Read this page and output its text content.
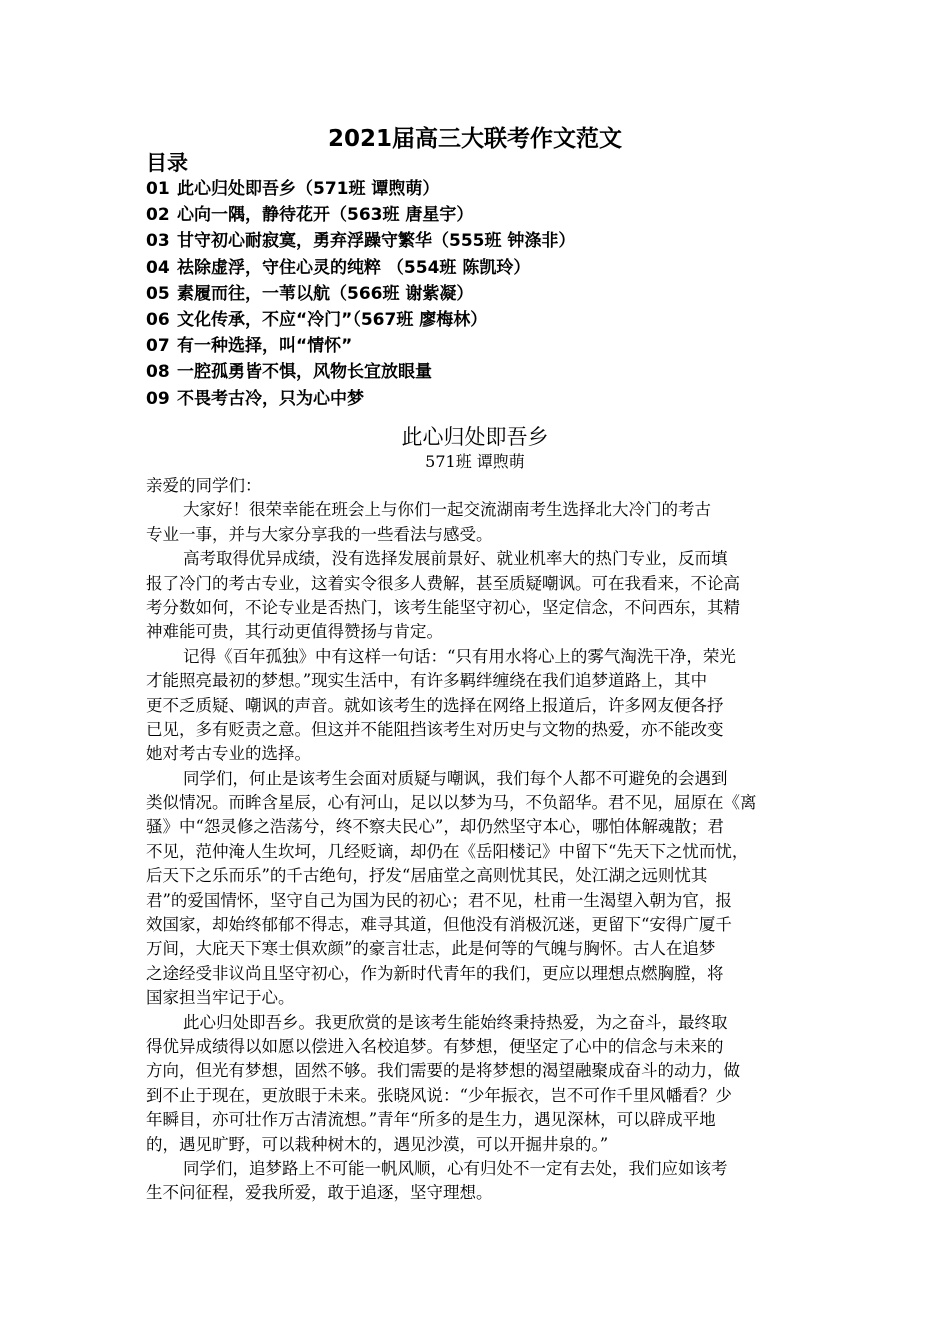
2021届高三大联考作文范文
目录
01 此心归处即吾乡（571班 谭煦萌）
02 心向一隅，静待花开（563班 唐星宇）
03 甘守初心耐寂寞，勇弃浮躁守繁华（555班 钟涤非）
04 祛除虚浮，守住心灵的纯粹 （554班 陈凯玲）
05 素履而往，一苇以航（566班 谢紫凝）
06 文化传承，不应“冷门”（567班 廖梅林）
07 有一种选择，叫“情怀”
08 一腔孤勇皆不惧，风物长宜放眼量
09 不畏考古冷，只为心中梦
此心归处即吾乡
571班 谭煦萌

亲爱的同学们：

大家好！很荣幸能在班会上与你们一起交流湖南考生选择北大冷门的考古
专业一事，并与大家分享我的一些看法与感受。
高考取得优异成绩，没有选择发展前景好、就业机率大的热门专业，反而填
报了冷门的考古专业，这着实令很多人费解，甚至质疑嘲讽。可在我看来，不论高
考分数如何，不论专业是否热门，该考生能坚守初心，坚定信念，不问西东，其精
神难能可贵，其行动更值得赞扬与肯定。
记得《百年孤独》中有这样一句话：“只有用水将心上的雾气淘洗干净，荣光
才能照亮最初的梦想。”现实生活中，有许多羁绊缠绕在我们追梦道路上，其中
更不乏质疑、嘲讽的声音。就如该考生的选择在网络上报道后，许多网友便各抒
已见，多有贬责之意。但这并不能阻挡该考生对历史与文物的热爱，亦不能改变
她对考古专业的选择。
同学们，何止是该考生会面对质疑与嘲讽，我们每个人都不可避免的会遇到
类似情况。而眸含星辰，心有河山，足以以梦为马，不负韶华。君不见，屈原在《离
骚》中“怨灵修之浩荡兮，终不察夫民心”，却仍然坚守本心，哪怕体解魂散；君
不见，范仲淹人生坎坷，几经贬谪，却仍在《岳阳楼记》中留下“先天下之忧而忧，
后天下之乐而乐”的千古绝句，抒发“居庙堂之高则忧其民，处江湖之远则忧其
君”的爱国情怀，坚守自己为国为民的初心；君不见，杜甫一生渴望入朝为官，报
效国家，却始终郁郁不得志，难寻其道，但他没有消极沉迷，更留下“安得广厦千
万间，大庇天下寒士俱欢颜”的豪言壮志，此是何等的气魄与胸怀。古人在追梦
之途经受非议尚且坚守初心，作为新时代青年的我们，更应以理想点燃胸膛，将
国家担当牢记于心。
此心归处即吾乡。我更欣赏的是该考生能始终秉持热爱，为之奋斗，最终取
得优异成绩得以如愿以偿进入名校追梦。有梦想，便坚定了心中的信念与未来的
方向，但光有梦想，固然不够。我们需要的是将梦想的渴望融聚成奋斗的动力，做
到不止于现在，更放眼于未来。张晓风说：“少年振衣，岂不可作千里风幡看？少
年瞬目，亦可壮作万古清流想。”青年“所多的是生力，遇见深林，可以辟成平地
的，遇见旷野，可以栽种树木的，遇见沙漠，可以开掘井泉的。”
同学们，追梦路上不可能一帆风顺，心有归处不一定有去处，我们应如该考
生不问征程，爱我所爱，敢于追逐，坚守理想。
